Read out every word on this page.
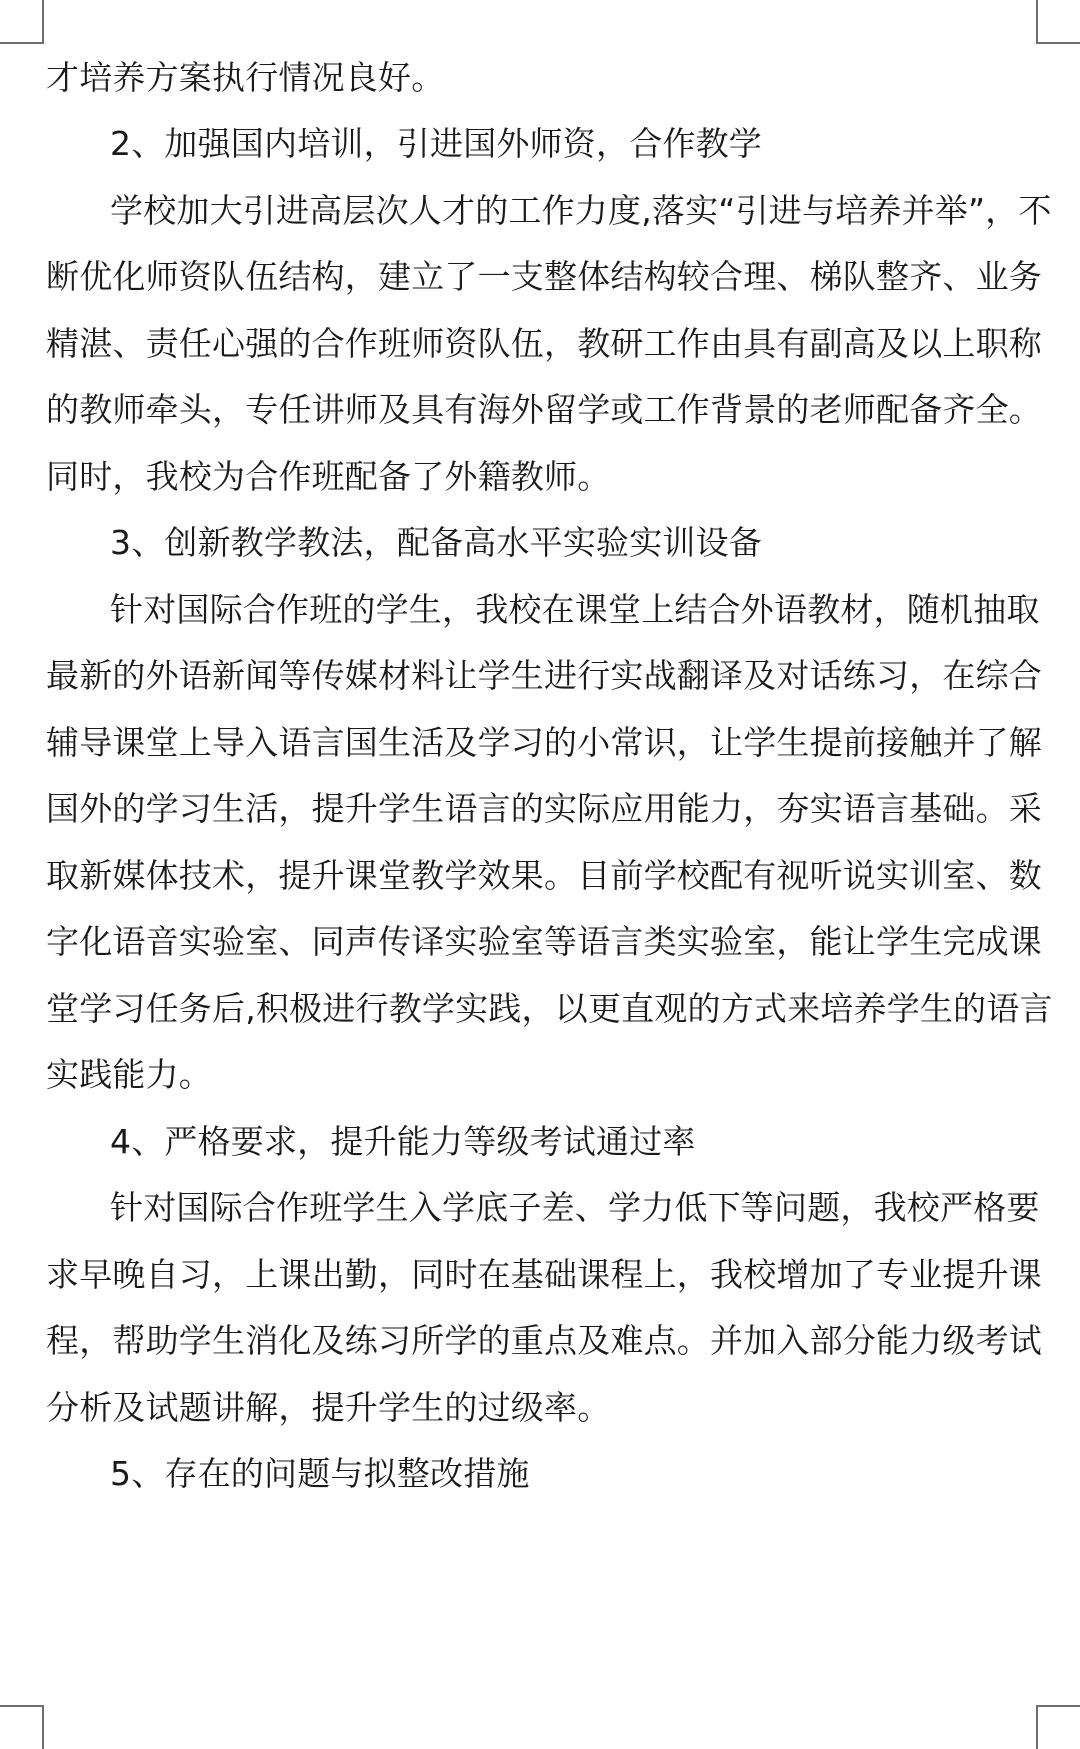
才培养方案执行情况良好。
2、加强国内培训，引进国外师资，合作教学
学校加大引进高层次人才的工作力度,落实“引进与培养并举”，不
断优化师资队伍结构，建立了一支整体结构较合理、梯队整齐、业务
精湛、责任心强的合作班师资队伍，教研工作由具有副高及以上职称
的教师牵头，专任讲师及具有海外留学或工作背景的老师配备齐全。
同时，我校为合作班配备了外籍教师。
3、创新教学教法，配备高水平实验实训设备
针对国际合作班的学生，我校在课堂上结合外语教材，随机抽取
最新的外语新闻等传媒材料让学生进行实战翻译及对话练习，在综合
辅导课堂上导入语言国生活及学习的小常识，让学生提前接触并了解
国外的学习生活，提升学生语言的实际应用能力，夯实语言基础。采
取新媒体技术，提升课堂教学效果。目前学校配有视听说实训室、数
字化语音实验室、同声传译实验室等语言类实验室，能让学生完成课
堂学习任务后,积极进行教学实践，以更直观的方式来培养学生的语言
实践能力。
4、严格要求，提升能力等级考试通过率
针对国际合作班学生入学底子差、学力低下等问题，我校严格要
求早晚自习，上课出勤，同时在基础课程上，我校增加了专业提升课
程，帮助学生消化及练习所学的重点及难点。并加入部分能力级考试
分析及试题讲解，提升学生的过级率。
5、存在的问题与拟整改措施
